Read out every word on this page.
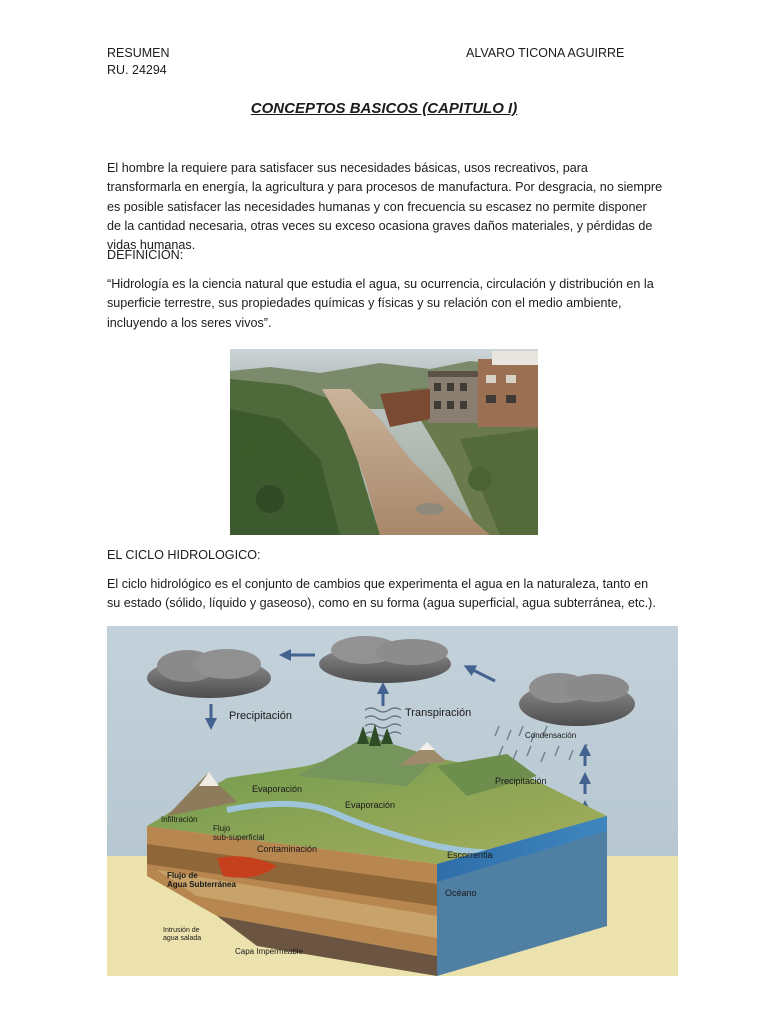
RESUMEN
RU. 24294
ALVARO TICONA AGUIRRE
CONCEPTOS BASICOS (CAPITULO I)
El hombre la requiere para satisfacer sus necesidades básicas, usos recreativos, para transformarla en energía, la agricultura y para procesos de manufactura. Por desgracia, no siempre es posible satisfacer las necesidades humanas y con frecuencia su escasez no permite disponer de la cantidad necesaria, otras veces su exceso ocasiona graves daños materiales, y pérdidas de vidas humanas.
DEFINICIÓN:
“Hidrología es la ciencia natural que estudia el agua, su ocurrencia, circulación y distribución en la superficie terrestre, sus propiedades químicas y físicas y su relación con el medio ambiente, incluyendo a los seres vivos”.
EL CICLO HIDROLOGICO:
El ciclo hidrológico es el conjunto de cambios que experimenta el agua en la naturaleza, tanto en su estado (sólido, líquido y gaseoso), como en su forma (agua superficial, agua subterránea, etc.).
Precipitación	Transpiración
Condensación
Precipitación
Evaporación
Evaporación
Infiltración
Flujo
sub-superficial
Contaminación
Escorrentia
Flujo de
Agua Subterránea
Océano
Intrusión de
agua salada
Capa Impermeable
